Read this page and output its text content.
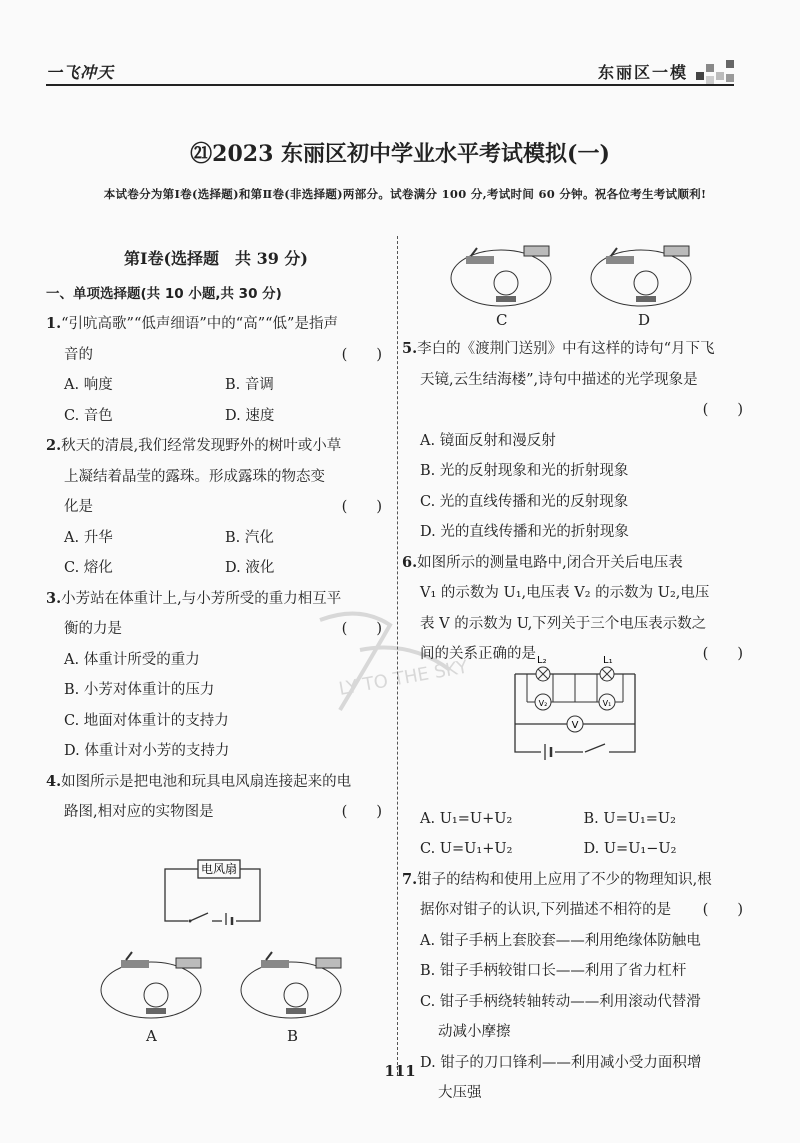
一飞冲天	东丽区一模
㉑2023 东丽区初中学业水平考试模拟(一)
本试卷分为第Ⅰ卷(选择题)和第Ⅱ卷(非选择题)两部分。试卷满分 100 分,考试时间 60 分钟。祝各位考生考试顺利!
LY TO THE SKY
第Ⅰ卷(选择题　共 39 分)
一、单项选择题(共 10 小题,共 30 分)

1.“引吭高歌”“低声细语”中的“高”“低”是指声

音的	(　　)

A. 响度	B. 音调
C. 音色	D. 速度

2.秋天的清晨,我们经常发现野外的树叶或小草

上凝结着晶莹的露珠。形成露珠的物态变

化是	(　　)

A. 升华	B. 汽化
C. 熔化	D. 液化

3.小芳站在体重计上,与小芳所受的重力相互平

衡的力是	(　　)

A. 体重计所受的重力
B. 小芳对体重计的压力
C. 地面对体重计的支持力
D. 体重计对小芳的支持力

4.如图所示是把电池和玩具电风扇连接起来的电

路图,相对应的实物图是	(　　)

电风扇
A	B
C	D

5.李白的《渡荆门送别》中有这样的诗句“月下飞

天镜,云生结海楼”,诗句中描述的光学现象是

(　　)

A. 镜面反射和漫反射
B. 光的反射现象和光的折射现象
C. 光的直线传播和光的反射现象
D. 光的直线传播和光的折射现象

6.如图所示的测量电路中,闭合开关后电压表

V₁ 的示数为 U₁,电压表 V₂ 的示数为 U₂,电压

表 V 的示数为 U,下列关于三个电压表示数之

间的关系正确的是	(　　)

A. U₁=U+U₂	B. U=U₁=U₂
C. U=U₁+U₂	D. U=U₁−U₂

7.钳子的结构和使用上应用了不少的物理知识,根

据你对钳子的认识,下列描述不相符的是 (　　)

A. 钳子手柄上套胶套——利用绝缘体防触电
B. 钳子手柄较钳口长——利用了省力杠杆
C. 钳子手柄绕转轴转动——利用滚动代替滑
动减小摩擦
D. 钳子的刀口锋利——利用减小受力面积增
大压强
L₂	L₁
V₂	V₁
V
111
